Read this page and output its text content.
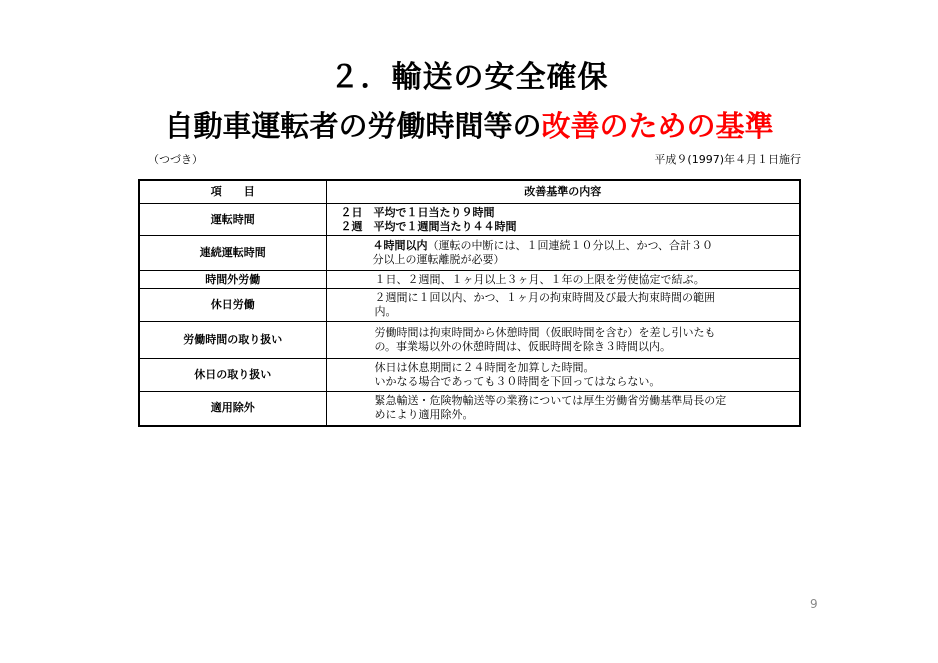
２．輸送の安全確保
自動車運転者の労働時間等の改善のための基準
（つづき）	平成９(1997)年４月１日施行
項　　目	改善基準の内容
運転時間	２日　平均で１日当たり９時間
２週　平均で１週間当たり４４時間

連続運転時間	４時間以内（運転の中断には、１回連続１０分以上、かつ、合計３０
分以上の運転離脱が必要）
時間外労働	１日、２週間、１ヶ月以上３ヶ月、１年の上限を労使協定で結ぶ。

休日労働	２週間に１回以内、かつ、１ヶ月の拘束時間及び最大拘束時間の範囲
内。

労働時間の取り扱い	労働時間は拘束時間から休憩時間（仮眠時間を含む）を差し引いたも
の。事業場以外の休憩時間は、仮眠時間を除き３時間以内。

休日の取り扱い	休日は休息期間に２４時間を加算した時間。
いかなる場合であっても３０時間を下回ってはならない。

適用除外	緊急輸送・危険物輸送等の業務については厚生労働省労働基準局長の定
めにより適用除外。
9
